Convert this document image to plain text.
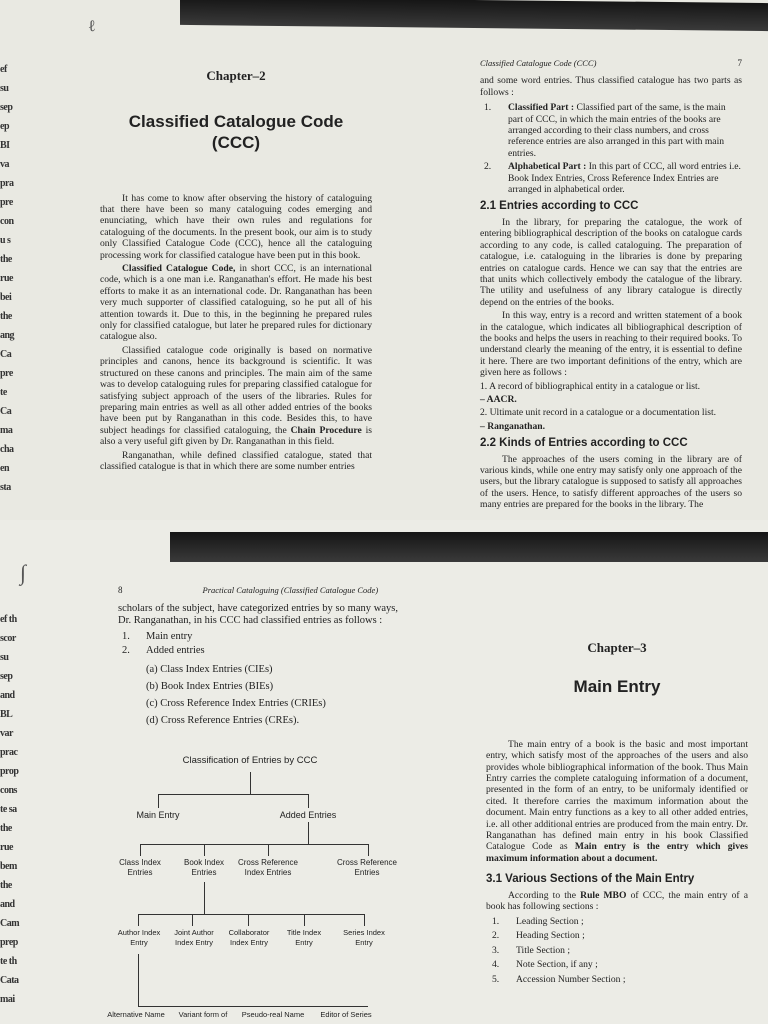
ef
su
sep
ep
BI
va
pra
pre
con
u s
the
rue
bei
the
ang
Ca
pre
te
Ca
ma
cha
en
sta
ℓ
Chapter–2
Classified Catalogue Code
(CCC)

It has come to know after observing the history of cataloguing that there have been so many cataloguing codes emerging and enunciating, which have their own rules and regulations for cataloguing of the documents. In the present book, our aim is to study only Classified Catalogue Code (CCC), hence all the cataloguing processing work for classified catalogue have been put in this book.

Classified Catalogue Code, in short CCC, is an international code, which is a one man i.e. Ranganathan's effort. He made his best efforts to make it as an international code. Dr. Ranganathan has been very much supporter of classified cataloguing, so he put all of his attention towards it. Due to this, in the beginning he prepared rules only for classified catalogue, but later he prepared rules for dictionary catalogue also.

Classified catalogue code originally is based on normative principles and canons, hence its background is scientific. It was structured on these canons and principles. The main aim of the same was to develop cataloguing rules for preparing classified catalogue for satisfying subject approach of the users of the libraries. Rules for preparing main entries as well as all other added entries of the books have been put by Ranganathan in this code. Besides this, to have subject headings for classified cataloguing, the Chain Procedure is also a very useful gift given by Dr. Ranganathan in this field.

Ranganathan, while defined classified catalogue, stated that classified catalogue is that in which there are some number entries

Classified Catalogue Code (CCC)	7

and some word entries. Thus classified catalogue has two parts as follows :

1.	Classified Part : Classified part of the same, is the main part of CCC, in which the main entries of the books are arranged according to their class numbers, and cross reference entries are also arranged in this part with main entries.
2.	Alphabetical Part : In this part of CCC, all word entries i.e. Book Index Entries, Cross Reference Index Entries are arranged in alphabetical order.
2.1 Entries according to CCC

In the library, for preparing the catalogue, the work of entering bibliographical description of the books on catalogue cards according to any code, is called cataloguing. The preparation of catalogue, i.e. cataloguing in the libraries is done by preparing entries on catalogue cards. Hence we can say that the entries are that units which collectively embody the catalogue of the library. The utility and usefulness of any library catalogue is directly depend on the entries of the books.

In this way, entry is a record and written statement of a book in the catalogue, which indicates all bibliographical description of the books and helps the users in reaching to their required books. To understand clearly the meaning of the entry, it is essential to define it here. There are two important definitions of the entry, which are given here as follows :

1. A record of bibliographical entity in a catalogue or list.

– AACR.

2. Ultimate unit record in a catalogue or a documentation list.

– Ranganathan.

2.2 Kinds of Entries according to CCC

The approaches of the users coming in the library are of various kinds, while one entry may satisfy only one approach of the users, but the library catalogue is supposed to satisfy all approaches of the users. Hence, to satisfy different approaches of the users so many entries are prepared for the books in the library. The

ef th
scor
su
sep
and
BL
var
prac
prop
cons
te sa
the
rue
bem
the
and
Cam
prep
te th
Cata
mai
∫
8	Practical Cataloguing (Classified Catalogue Code)

scholars of the subject, have categorized entries by so many ways, Dr. Ranganathan, in his CCC had classified entries as follows :

1.	Main entry
2.	Added entries
(a) Class Index Entries (CIEs)
(b) Book Index Entries (BIEs)
(c) Cross Reference Index Entries (CRIEs)
(d) Cross Reference Entries (CREs).
Classification of Entries by CCC
Main Entry	Added Entries
Class Index Entries
Book Index Entries
Cross Reference Index Entries
Cross Reference Entries
Author Index Entry
Joint Author Index Entry
Collaborator Index Entry
Title Index Entry
Series Index Entry
Alternative Name	Variant form of	Pseudo-real Name	Editor of Series
Chapter–3
Main Entry

The main entry of a book is the basic and most important entry, which satisfy most of the approaches of the users and also provides whole bibliographical information of the book. Thus Main Entry carries the complete cataloguing information of a document, presented in the form of an entry, to be uniformaly identified or cited. It therefore carries the maximum information about the document. Main entry functions as a key to all other added entries, i.e. all other additional entries are produced from the main entry. Dr. Ranganathan has defined main entry in his book Classified Catalogue Code as Main entry is the entry which gives maximum information about a document.

3.1 Various Sections of the Main Entry

According to the Rule MBO of CCC, the main entry of a book has following sections :

1.	Leading Section ;
2.	Heading Section ;
3.	Title Section ;
4.	Note Section, if any ;
5.	Accession Number Section ;
